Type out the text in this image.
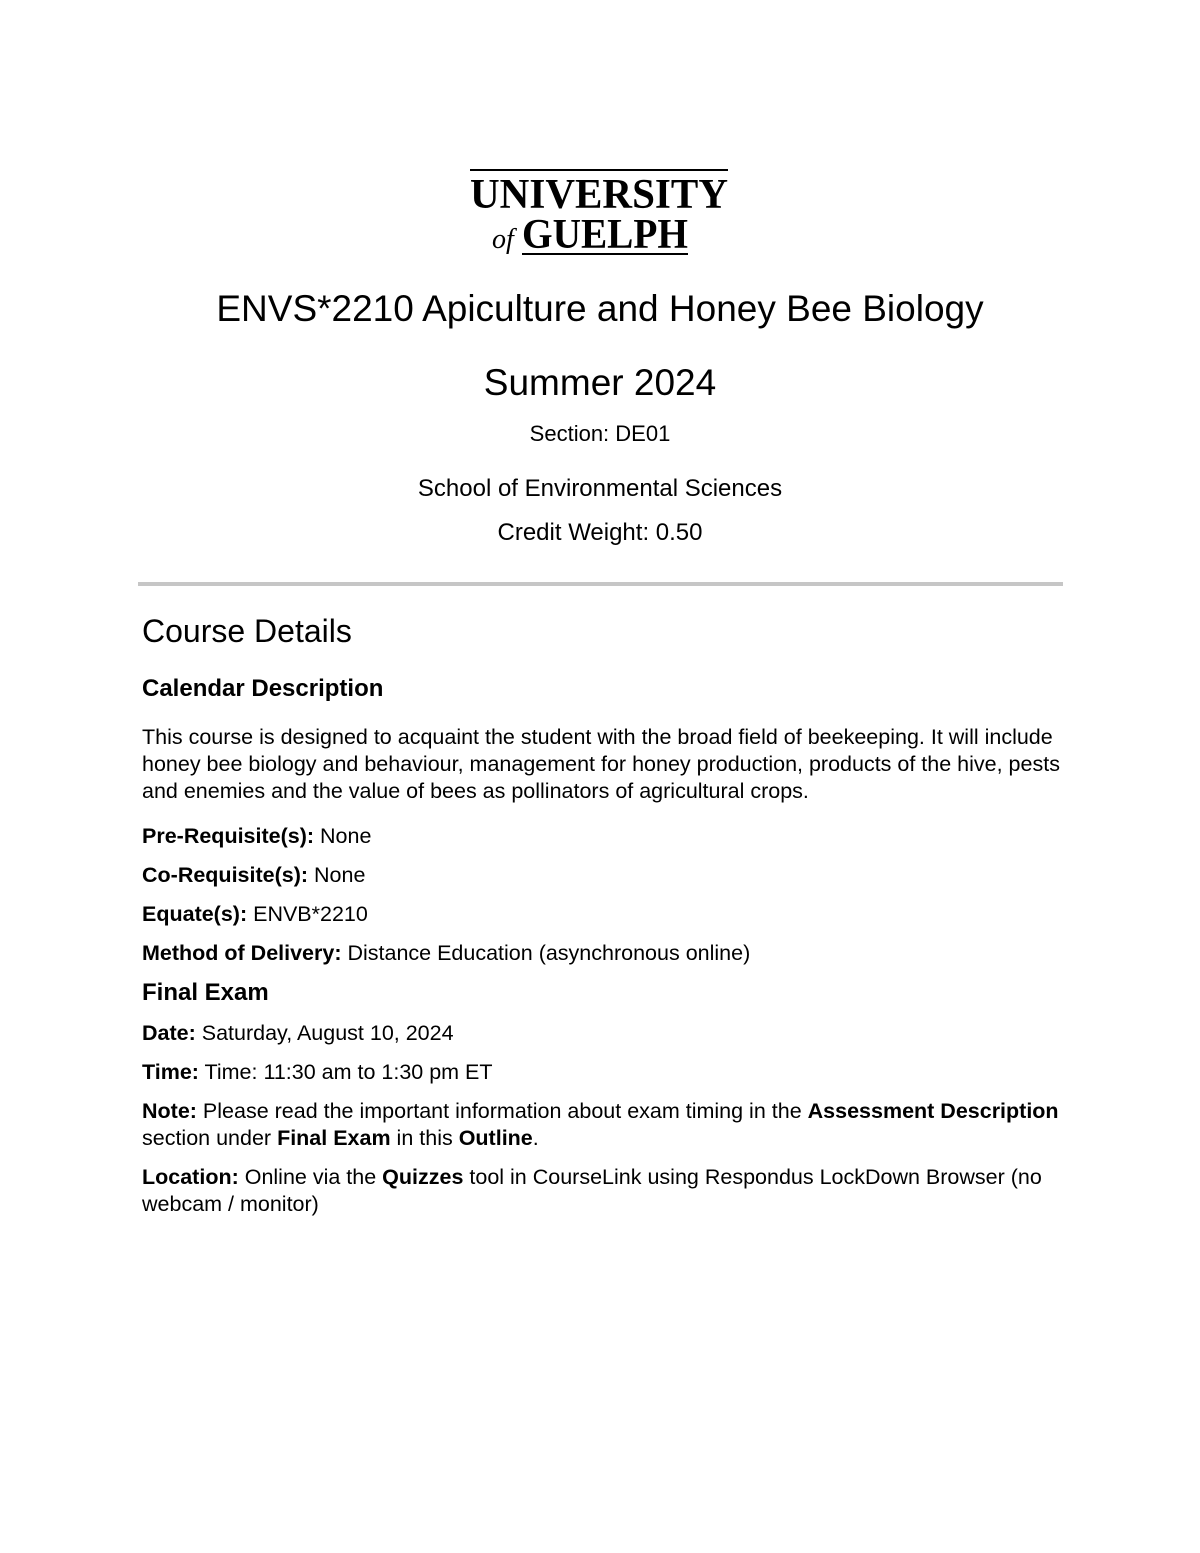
UNIVERSITY
of GUELPH
ENVS*2210 Apiculture and Honey Bee Biology
Summer 2024
Section: DE01
School of Environmental Sciences
Credit Weight: 0.50
Course Details
Calendar Description
This course is designed to acquaint the student with the broad field of beekeeping. It will include honey bee biology and behaviour, management for honey production, products of the hive, pests and enemies and the value of bees as pollinators of agricultural crops.
Pre-Requisite(s): None
Co-Requisite(s): None
Equate(s): ENVB*2210
Method of Delivery: Distance Education (asynchronous online)
Final Exam
Date: Saturday, August 10, 2024
Time: Time: 11:30 am to 1:30 pm ET
Note: Please read the important information about exam timing in the Assessment Description section under Final Exam in this Outline.
Location: Online via the Quizzes tool in CourseLink using Respondus LockDown Browser (no webcam / monitor)
